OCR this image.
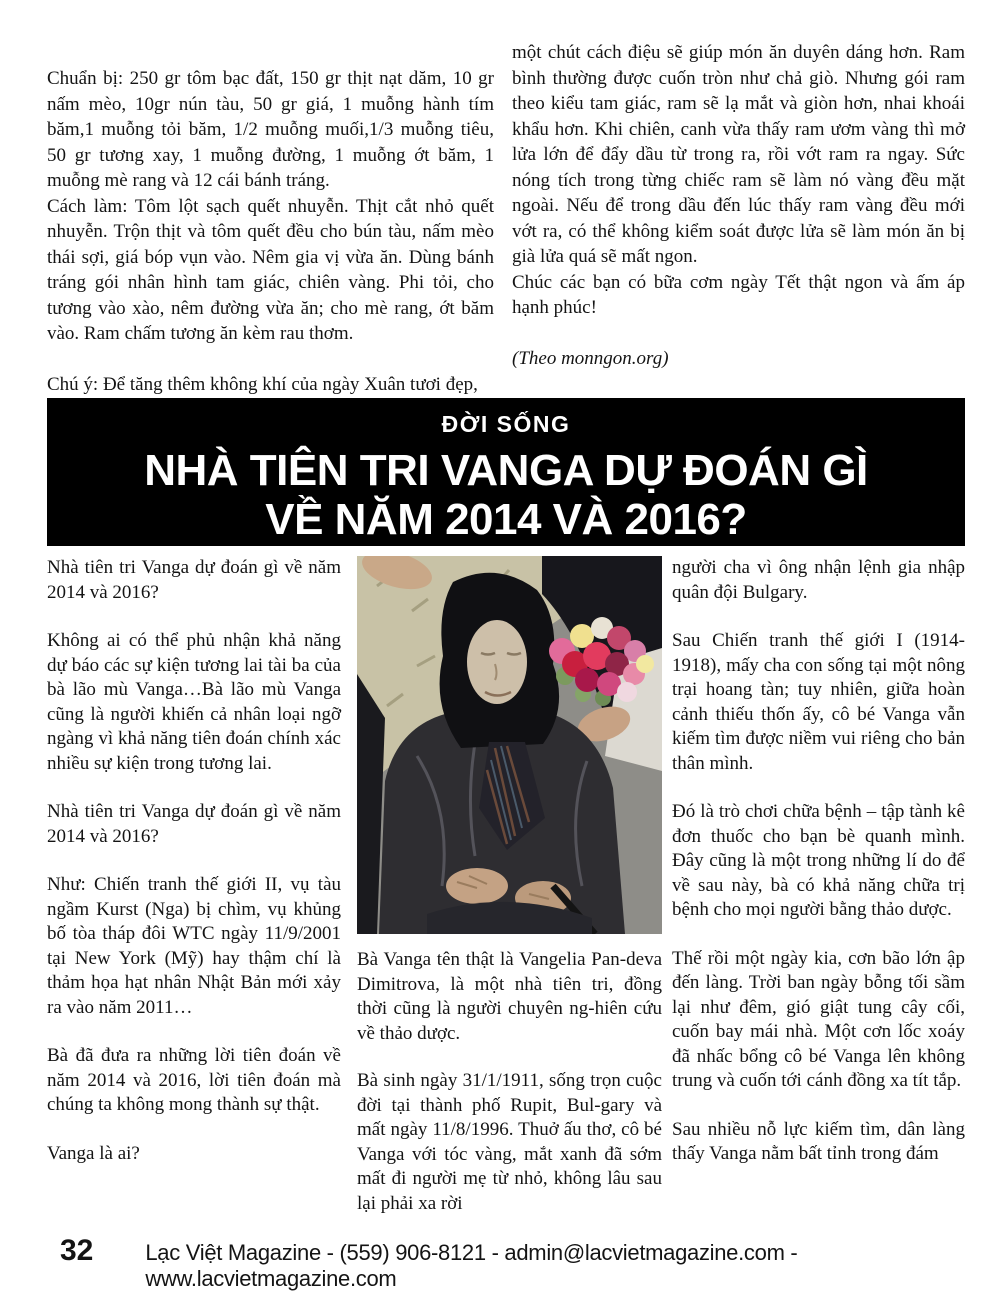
Chuẩn bị: 250 gr tôm bạc đất, 150 gr thịt nạt dăm, 10 gr nấm mèo, 10gr nún tàu, 50 gr giá, 1 muỗng hành tím băm,1 muỗng tỏi băm, 1/2 muỗng muối,1/3 muỗng tiêu, 50 gr tương xay, 1 muỗng đường, 1 muỗng ớt băm, 1 muỗng mè rang và 12 cái bánh tráng.

Cách làm: Tôm lột sạch quết nhuyễn. Thịt cắt nhỏ quết nhuyễn. Trộn thịt và tôm quết đều cho bún tàu, nấm mèo thái sợi, giá bóp vụn vào. Nêm gia vị vừa ăn. Dùng bánh tráng gói nhân hình tam giác, chiên vàng. Phi tỏi, cho tương vào xào, nêm đường vừa ăn; cho mè rang, ớt băm vào. Ram chấm tương ăn kèm rau thơm.

Chú ý: Để tăng thêm không khí của ngày Xuân tươi đẹp,

một chút cách điệu sẽ giúp món ăn duyên dáng hơn. Ram bình thường được cuốn tròn như chả giò. Nhưng gói ram theo kiểu tam giác, ram sẽ lạ mắt và giòn hơn, nhai khoái khẩu hơn. Khi chiên, canh vừa thấy ram ươm vàng thì mở lửa lớn để đẩy dầu từ trong ra, rồi vớt ram ra ngay. Sức nóng tích trong từng chiếc ram sẽ làm nó vàng đều mặt ngoài. Nếu để trong dầu đến lúc thấy ram vàng đều mới vớt ra, có thể không kiểm soát được lửa sẽ làm món ăn bị già lửa quá sẽ mất ngon.

Chúc các bạn có bữa cơm ngày Tết thật ngon và ấm áp hạnh phúc!

(Theo monngon.org)

ĐỜI SỐNG

NHÀ TIÊN TRI VANGA DỰ ĐOÁN GÌ
VỀ NĂM 2014 VÀ 2016?

Nhà tiên tri Vanga dự đoán gì về năm 2014 và 2016?

Không ai có thể phủ nhận khả năng dự báo các sự kiện tương lai tài ba của bà lão mù Vanga…Bà lão mù Vanga cũng là người khiến cả nhân loại ngỡ ngàng vì khả năng tiên đoán chính xác nhiều sự kiện trong tương lai.

Nhà tiên tri Vanga dự đoán gì về năm 2014 và 2016?

Như: Chiến tranh thế giới II, vụ tàu ngầm Kurst (Nga) bị chìm, vụ khủng bố tòa tháp đôi WTC ngày 11/9/2001 tại New York (Mỹ) hay thậm chí là thảm họa hạt nhân Nhật Bản mới xảy ra vào năm 2011…

Bà đã đưa ra những lời tiên đoán về năm 2014 và 2016, lời tiên đoán mà chúng ta không mong thành sự thật.

Vanga là ai?

Bà Vanga tên thật là Vangelia Pan-deva Dimitrova, là một nhà tiên tri, đồng thời cũng là người chuyên ng-hiên cứu về thảo dược.

Bà sinh ngày 31/1/1911, sống trọn cuộc đời tại thành phố Rupit, Bul-gary và mất ngày 11/8/1996. Thuở ấu thơ, cô bé Vanga với tóc vàng, mắt xanh đã sớm mất đi người mẹ từ nhỏ, không lâu sau lại phải xa rời

người cha vì ông nhận lệnh gia nhập quân đội Bulgary.

Sau Chiến tranh thế giới I (1914-1918), mấy cha con sống tại một nông trại hoang tàn; tuy nhiên, giữa hoàn cảnh thiếu thốn ấy, cô bé Vanga vẫn kiếm tìm được niềm vui riêng cho bản thân mình.

Đó là trò chơi chữa bệnh – tập tành kê đơn thuốc cho bạn bè quanh mình. Đây cũng là một trong những lí do để về sau này, bà có khả năng chữa trị bệnh cho mọi người bằng thảo dược.

Thế rồi một ngày kia, cơn bão lớn ập đến làng. Trời ban ngày bỗng tối sầm lại như đêm, gió giật tung cây cối, cuốn bay mái nhà. Một cơn lốc xoáy đã nhấc bổng cô bé Vanga lên không trung và cuốn tới cánh đồng xa tít tắp.

Sau nhiều nỗ lực kiếm tìm, dân làng thấy Vanga nằm bất tỉnh trong đám

32 Lạc Việt Magazine - (559) 906-8121 - admin@lacvietmagazine.com - www.lacvietmagazine.com
